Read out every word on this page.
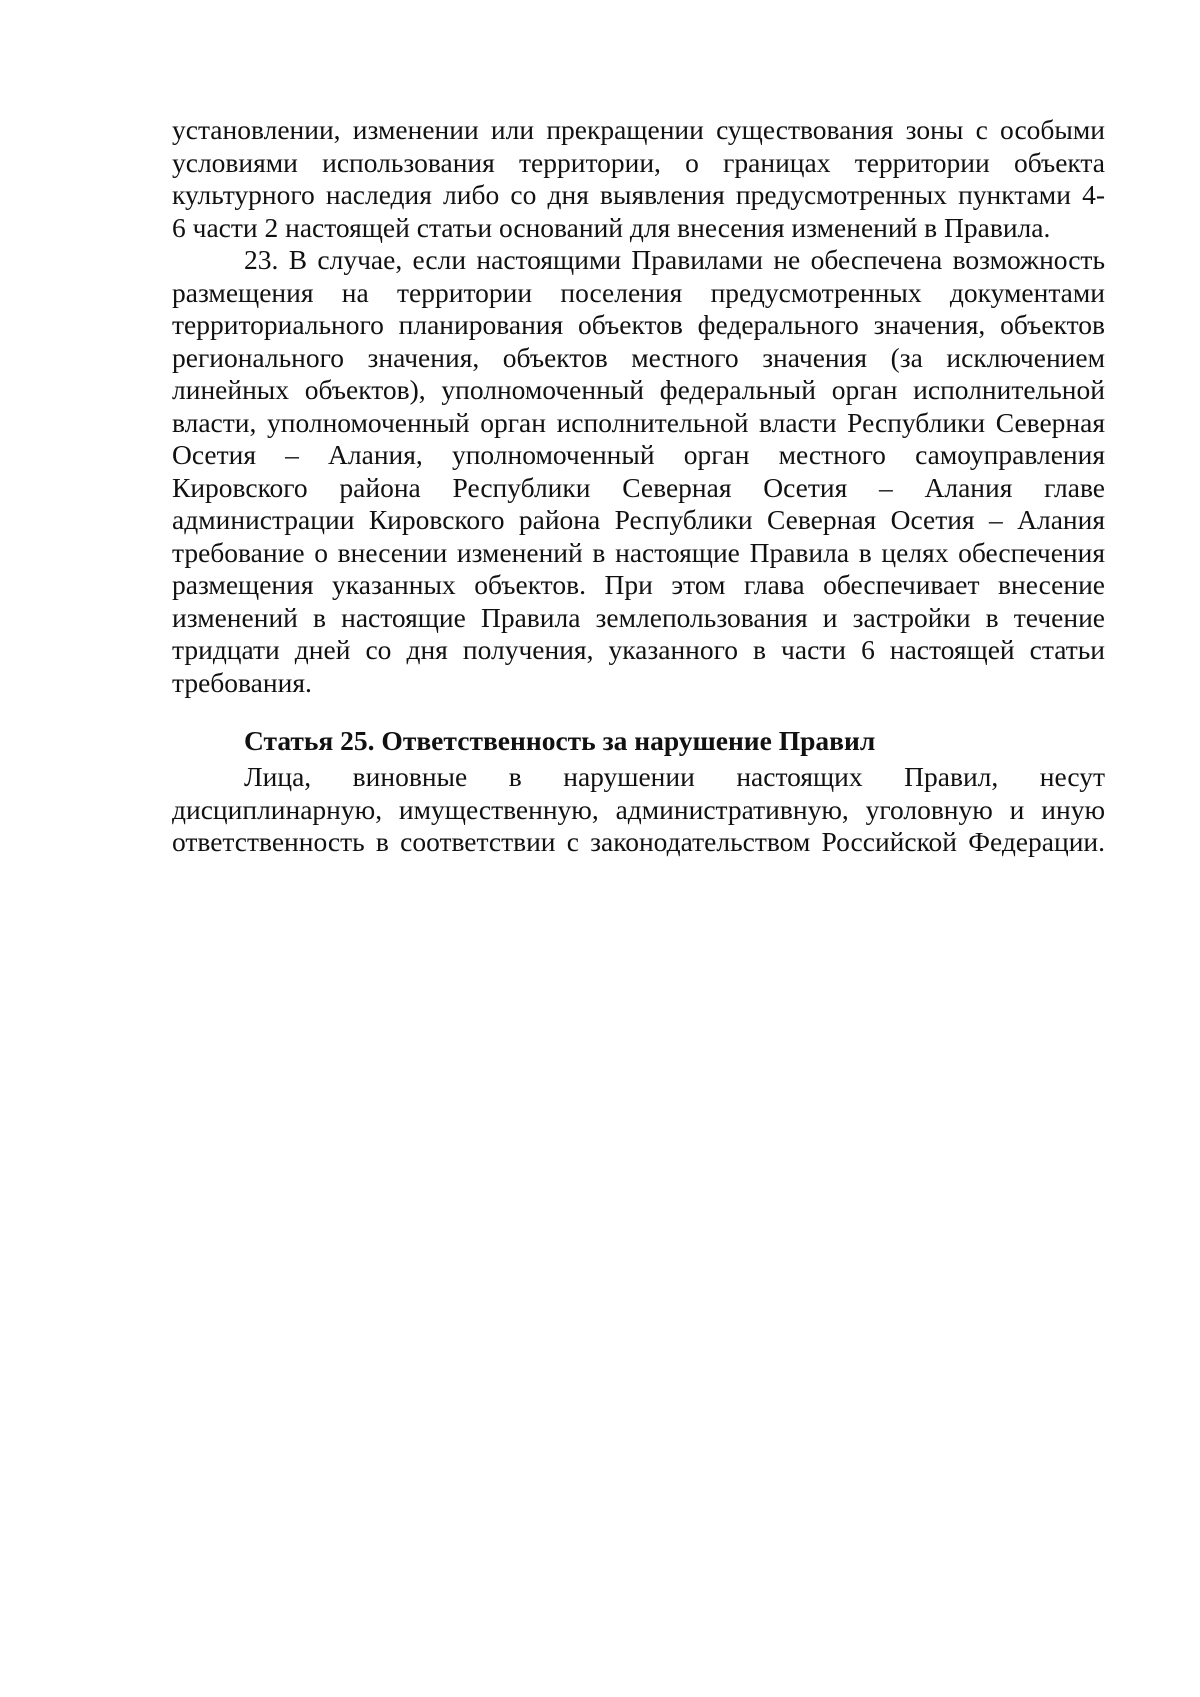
установлении, изменении или прекращении существования зоны с особыми
условиями использования территории, о границах территории объекта
культурного наследия либо со дня выявления предусмотренных пунктами 4-
6 части 2 настоящей статьи оснований для внесения изменений в Правила.
23. В случае, если настоящими Правилами не обеспечена возможность
размещения на территории поселения предусмотренных документами
территориального планирования объектов федерального значения, объектов
регионального значения, объектов местного значения (за исключением
линейных объектов), уполномоченный федеральный орган исполнительной
власти, уполномоченный орган исполнительной власти Республики Северная
Осетия – Алания, уполномоченный орган местного самоуправления
Кировского района Республики Северная Осетия – Алания главе
администрации Кировского района Республики Северная Осетия – Алания
требование о внесении изменений в настоящие Правила в целях обеспечения
размещения указанных объектов. При этом глава обеспечивает внесение
изменений в настоящие Правила землепользования и застройки в течение
тридцати дней со дня получения, указанного в части 6 настоящей статьи
требования.
Статья 25. Ответственность за нарушение Правил
Лица, виновные в нарушении настоящих Правил, несут
дисциплинарную, имущественную, административную, уголовную и иную
ответственность в соответствии с законодательством Российской Федерации.
